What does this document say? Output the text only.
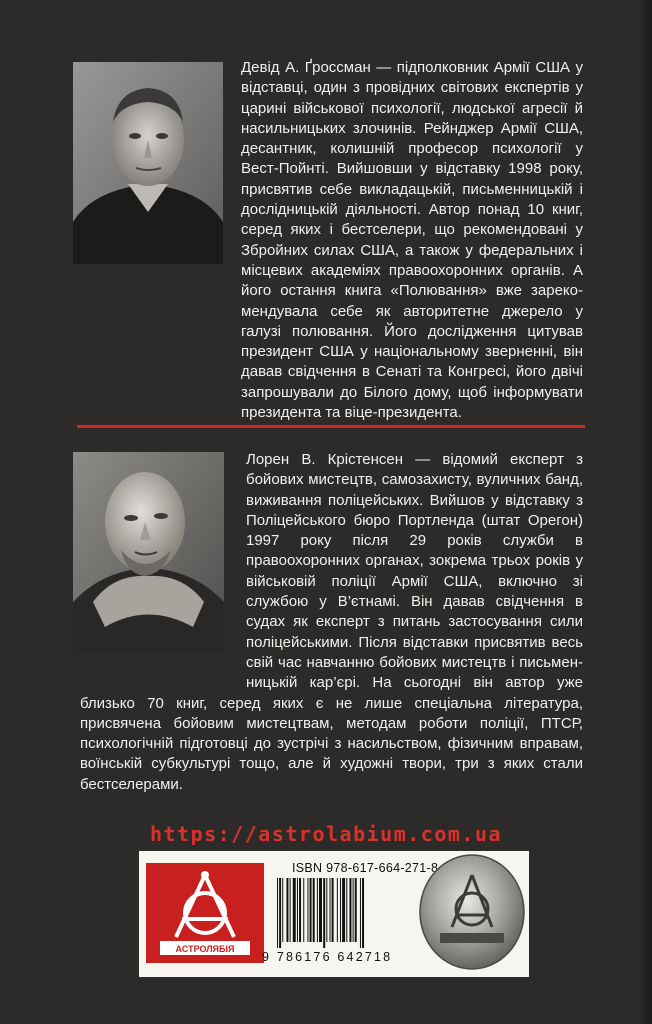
Девід А. Ґроссман — підполковник Армії США у відставці, один з провідних світових експертів у царині військової психології, людської агресії й насильницьких злочинів. Рейнджер Армії США, десантник, колишній професор психології у Вест-Пойнті. Вийшовши у відставку 1998 року, присвятив себе викладацькій, письменницькій і дослідницькій діяльності. Автор понад 10 книг, серед яких і бестселери, що рекомендовані у Збройних силах США, а також у федеральних і місцевих академіях правоохоронних органів. А його остання книга «Полювання» вже зарекомендувала себе як авторитетне джерело у галузі полювання. Його дослідження цитував президент США у національному зверненні, він давав свідчення в Сенаті та Конгресі, його двічі запрошували до Білого дому, щоб інформувати президента та віце-президента.

Лорен В. Крістенсен — відомий експерт з бойових мистецтв, самозахисту, вуличних банд, виживання поліцейських. Вийшов у відставку з Поліцейського бюро Портленда (штат Орегон) 1997 року після 29 років служби в правоохоронних органах, зокрема трьох років у військовій поліції Армії США, включно зі службою у В’єтнамі. Він давав свідчення в судах як експерт з питань застосування сили поліцейськими. Після відставки присвятив весь свій час навчанню бойових мистецтв і письменницькій кар’єрі. На сьогодні він автор уже близько 70 книг, серед яких є не лише спеціальна література, присвячена бойовим мистецтвам, методам роботи поліції, ПТСР, психологічній підготовці до зустрічі з насильством, фізичним вправам, воїнській субкультурі тощо, але й художні твори, три з яких стали бестселерами.

https://astrolabium.com.ua
АСТРОЛЯБІЯ
ISBN 978-617-664-271-8
9 786176 642718
